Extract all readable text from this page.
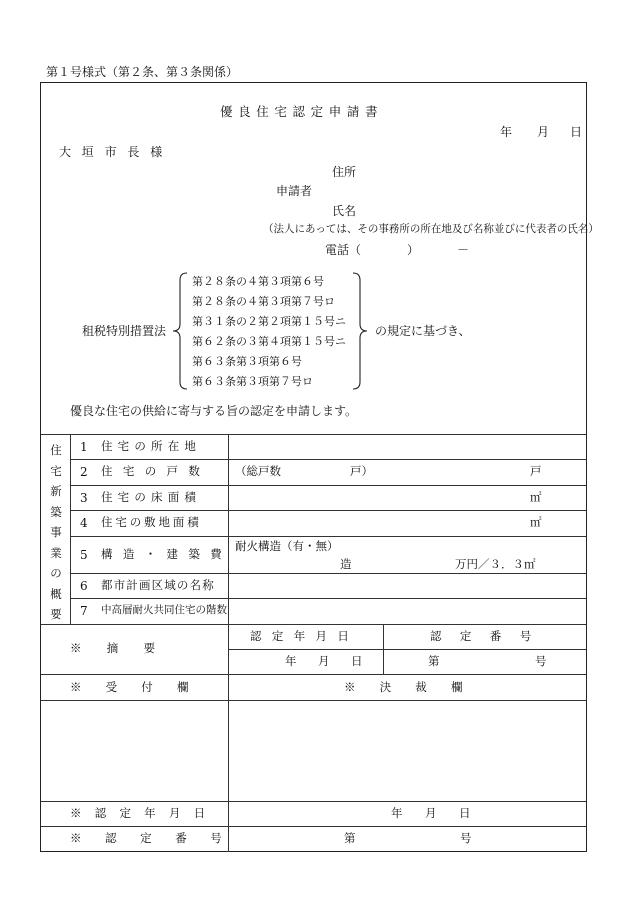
第１号様式（第２条、第３条関係）
優良住宅認定申請書
年 月 日
大垣市長様
住所
申請者
氏名
（法人にあっては、その事務所の所在地及び名称並びに代表者の氏名）
電話（	）	－
租税特別措置法
第２８条の４第３項第６号
第２８条の４第３項第７号ロ
第３１条の２第２項第１５号ニ
第６２条の３第４項第１５号ニ
第６３条第３項第６号
第６３条第３項第７号ロ
の規定に基づき、
優良な住宅の供給に寄与する旨の認定を申請します。
住
宅
新
築
事
業
の
概
要
1 住宅の所在地
2 住宅の戸数 （総戸数	戸）	戸
3 住宅の床面積	㎡
4 住宅の敷地面積	㎡
5 構造・建築費
耐火構造（有・無）
造	万円／３．３㎡
6 都市計画区域の名称
7 中高層耐火共同住宅の階数
※摘要
認定年月日	認定番号
年 月 日	第	号
※受付欄	※決裁欄
※認定年月日	年 月 日
※認定番号	第	号
